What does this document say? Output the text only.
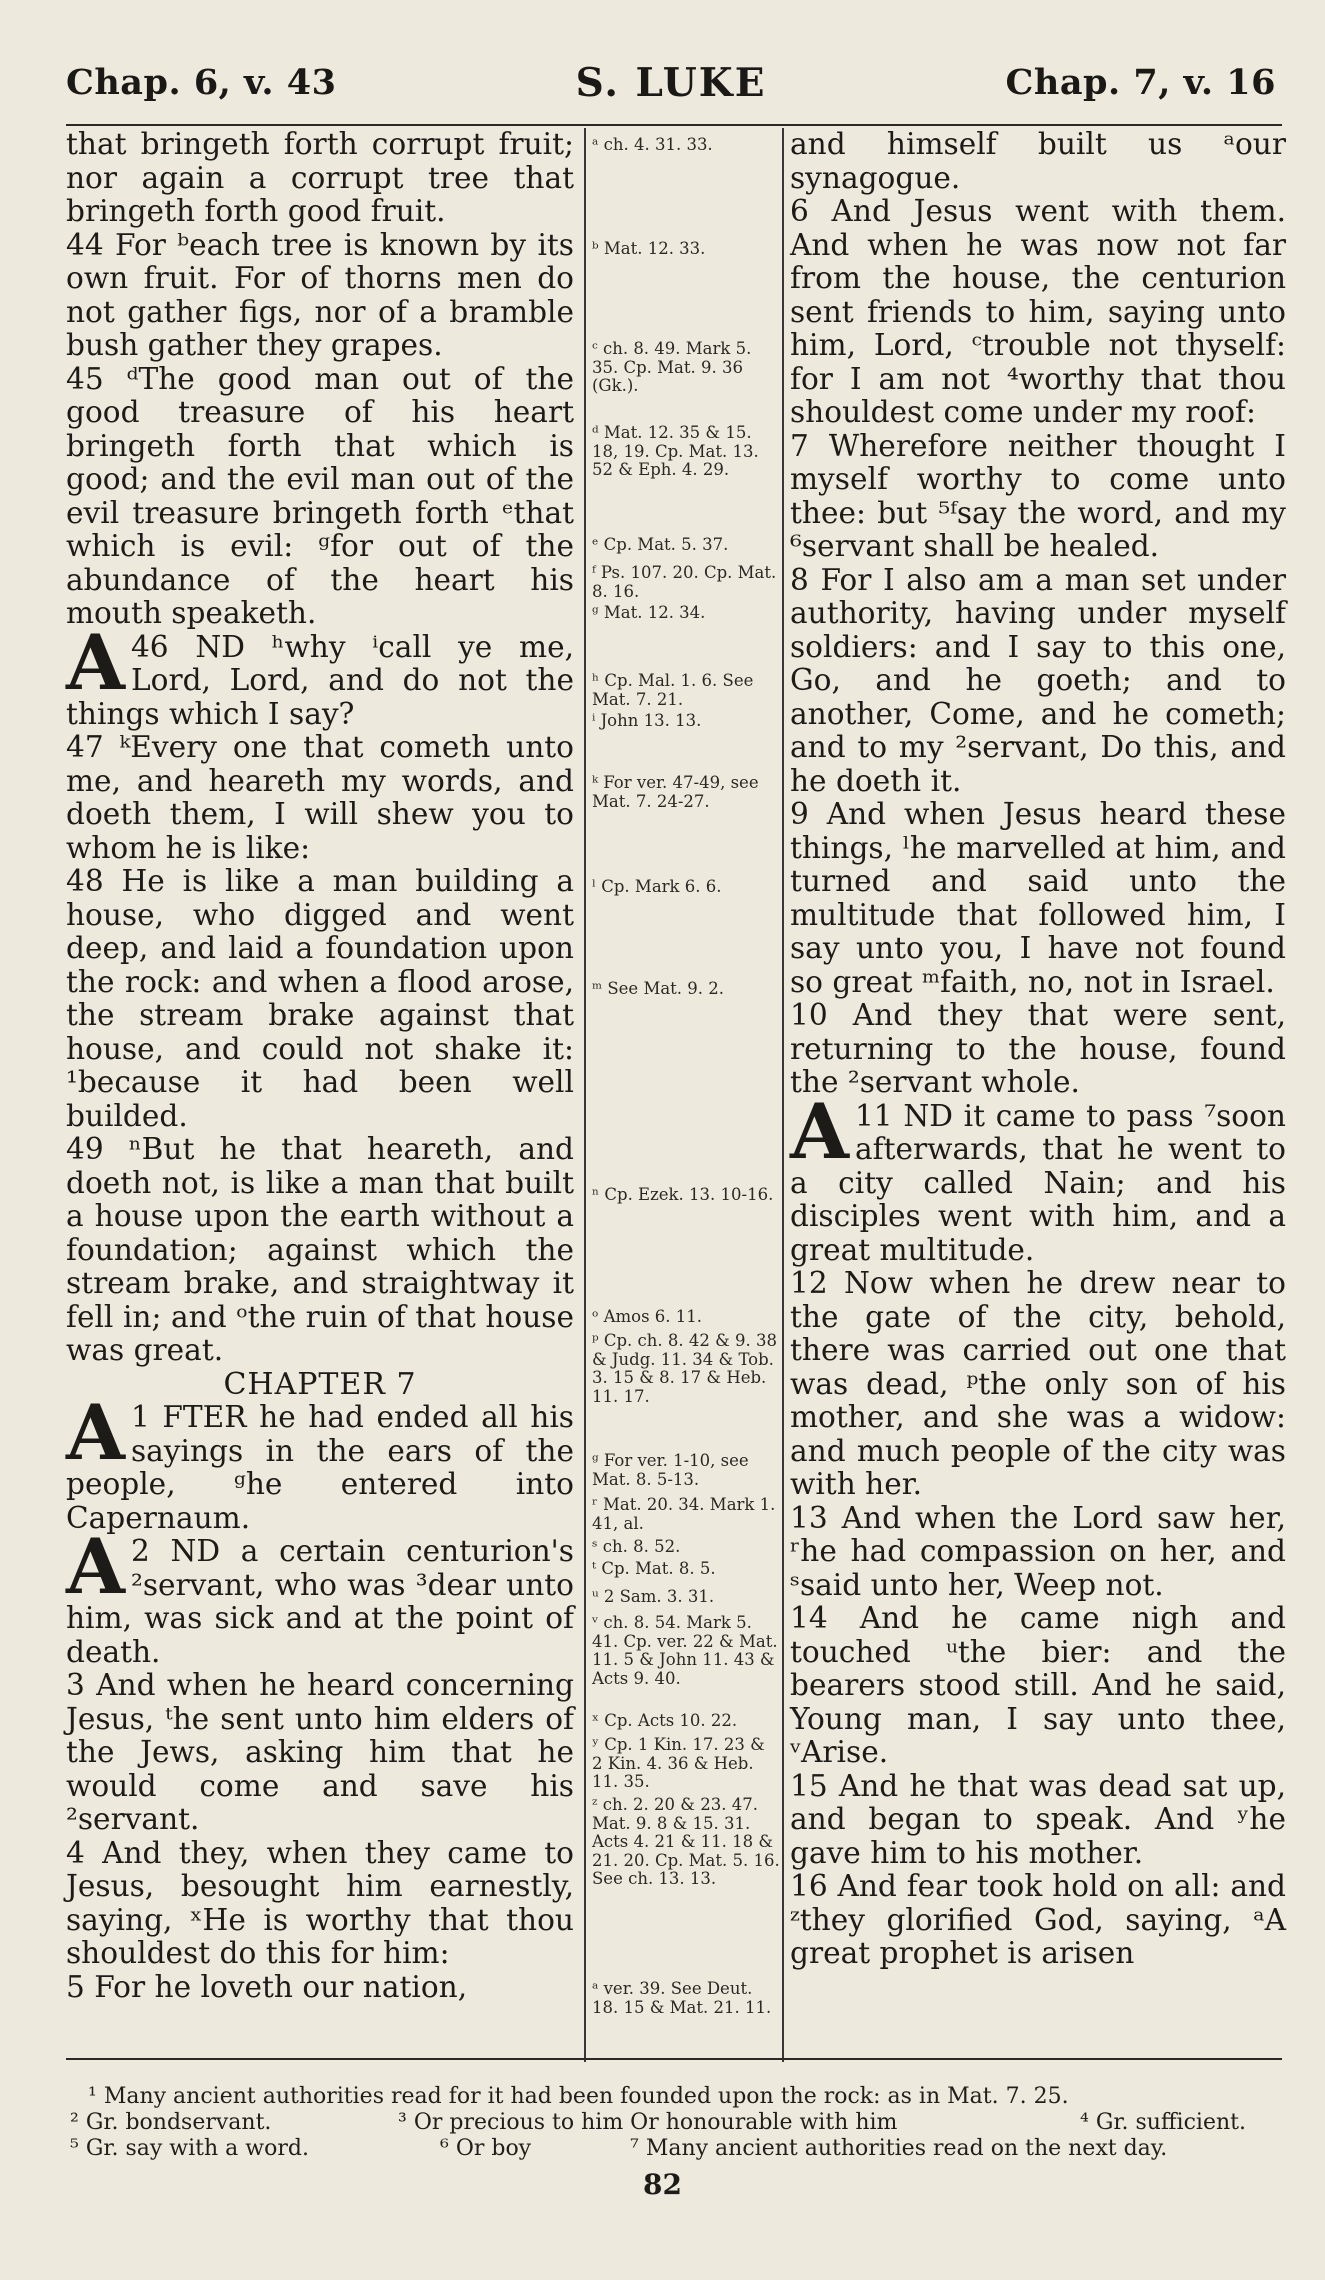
Chap. 6, v. 43	S. LUKE	Chap. 7, v. 16

that bringeth forth corrupt fruit; nor again a corrupt tree that bringeth forth good fruit.

44 For ᵇeach tree is known by its own fruit. For of thorns men do not gather figs, nor of a bramble bush gather they grapes.

45 ᵈThe good man out of the good treasure of his heart bringeth forth that which is good; and the evil man out of the evil treasure bringeth forth ᵉthat which is evil: ᵍfor out of the abundance of the heart his mouth speaketh.

A 46 ND ʰwhy ⁱcall ye me, Lord, Lord, and do not the things which I say?

47 ᵏEvery one that cometh unto me, and heareth my words, and doeth them, I will shew you to whom he is like:

48 He is like a man building a house, who digged and went deep, and laid a foundation upon the rock: and when a flood arose, the stream brake against that house, and could not shake it: ¹because it had been well builded.

49 ⁿBut he that heareth, and doeth not, is like a man that built a house upon the earth without a foundation; against which the stream brake, and straightway it fell in; and ᵒthe ruin of that house was great.

CHAPTER 7

A 1 FTER he had ended all his sayings in the ears of the people, ᵍhe entered into Capernaum.

A 2 ND a certain centurion's ²servant, who was ³dear unto him, was sick and at the point of death.

3 And when he heard concerning Jesus, ᵗhe sent unto him elders of the Jews, asking him that he would come and save his ²servant.

4 And they, when they came to Jesus, besought him earnestly, saying, ˣHe is worthy that thou shouldest do this for him:

5 For he loveth our nation,

ᵃ ch. 4. 31. 33.
ᵇ Mat. 12. 33.
ᶜ ch. 8. 49. Mark 5. 35. Cp. Mat. 9. 36 (Gk.).
ᵈ Mat. 12. 35 & 15. 18, 19. Cp. Mat. 13. 52 & Eph. 4. 29.
ᵉ Cp. Mat. 5. 37.
ᶠ Ps. 107. 20. Cp. Mat. 8. 16.
ᵍ Mat. 12. 34.
ʰ Cp. Mal. 1. 6. See Mat. 7. 21.
ⁱ John 13. 13.
ᵏ For ver. 47-49, see Mat. 7. 24-27.
ˡ Cp. Mark 6. 6.
ᵐ See Mat. 9. 2.
ⁿ Cp. Ezek. 13. 10-16.
ᵒ Amos 6. 11.
ᵖ Cp. ch. 8. 42 & 9. 38 & Judg. 11. 34 & Tob. 3. 15 & 8. 17 & Heb. 11. 17.
ᵍ For ver. 1-10, see Mat. 8. 5-13.
ʳ Mat. 20. 34. Mark 1. 41, al.
ˢ ch. 8. 52.
ᵗ Cp. Mat. 8. 5.
ᵘ 2 Sam. 3. 31.
ᵛ ch. 8. 54. Mark 5. 41. Cp. ver. 22 & Mat. 11. 5 & John 11. 43 & Acts 9. 40.
ˣ Cp. Acts 10. 22.
ʸ Cp. 1 Kin. 17. 23 & 2 Kin. 4. 36 & Heb. 11. 35.
ᶻ ch. 2. 20 & 23. 47. Mat. 9. 8 & 15. 31. Acts 4. 21 & 11. 18 & 21. 20. Cp. Mat. 5. 16. See ch. 13. 13.
ᵃ ver. 39. See Deut. 18. 15 & Mat. 21. 11.

and himself built us ᵃour synagogue.

6 And Jesus went with them. And when he was now not far from the house, the centurion sent friends to him, saying unto him, Lord, ᶜtrouble not thyself: for I am not ⁴worthy that thou shouldest come under my roof:

7 Wherefore neither thought I myself worthy to come unto thee: but ⁵ᶠsay the word, and my ⁶servant shall be healed.

8 For I also am a man set under authority, having under myself soldiers: and I say to this one, Go, and he goeth; and to another, Come, and he cometh; and to my ²servant, Do this, and he doeth it.

9 And when Jesus heard these things, ˡhe marvelled at him, and turned and said unto the multitude that followed him, I say unto you, I have not found so great ᵐfaith, no, not in Israel.

10 And they that were sent, returning to the house, found the ²servant whole.

A 11 ND it came to pass ⁷soon afterwards, that he went to a city called Nain; and his disciples went with him, and a great multitude.

12 Now when he drew near to the gate of the city, behold, there was carried out one that was dead, ᵖthe only son of his mother, and she was a widow: and much people of the city was with her.

13 And when the Lord saw her, ʳhe had compassion on her, and ˢsaid unto her, Weep not.

14 And he came nigh and touched ᵘthe bier: and the bearers stood still. And he said, Young man, I say unto thee, ᵛArise.

15 And he that was dead sat up, and began to speak. And ʸhe gave him to his mother.

16 And fear took hold on all: and ᶻthey glorified God, saying, ᵃA great prophet is arisen

¹ Many ancient authorities read for it had been founded upon the rock: as in Mat. 7. 25.
² Gr. bondservant.	³ Or precious to him Or honourable with him	⁴ Gr. sufficient.
⁵ Gr. say with a word.	⁶ Or boy	⁷ Many ancient authorities read on the next day.
82
